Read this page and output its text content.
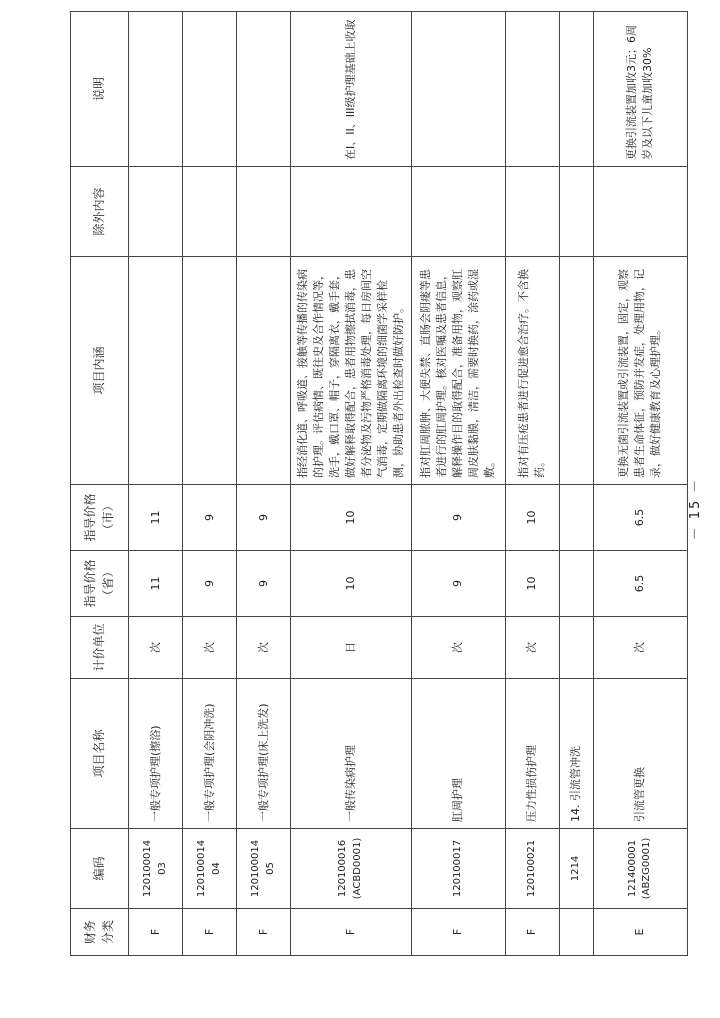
财务分类	编码	项目名称	计价单位	指导价格（省）	指导价格（市）	项目内涵	除外内容	说明
F	120100014 03	一般专项护理(擦浴)	次	11	11			
F	120100014 04	一般专项护理(会阴冲洗)	次	9	9			
F	120100014 05	一般专项护理(床上洗发)	次	9	9			
F	120100016 (ACBD0001)	一般传染病护理	日	10	10	指经消化道、呼吸道、接触等传播的传染病的护理。评估病情、既往史及合作情况等，洗手，戴口罩、帽子，穿隔离衣，戴手套，做好解释取得配合，患者用物擦拭消毒，患者分泌物及污物严格消毒处理，每日房间空气消毒，定期做隔离环境的细菌学采样检测，协助患者外出检查时做好防护。		在I、II、III级护理基础上收取
F	120100017	肛周护理	次	9	9	指对肛周脓肿、大便失禁、直肠会阴瘘等患者进行的肛周护理。核对医嘱及患者信息，解释操作目的取得配合，准备用物，观察肛周皮肤黏膜，清洁，需要时换药，涂药或湿敷。		
F	120100021	压力性损伤护理	次	10	10	指对有压疮患者进行促进愈合治疗。不含换药。		
	1214	14. 引流管冲洗						
E	121400001 (ABZG0001)	引流管更换	次	6.5	6.5	更换无菌引流装置或引流装置，固定，观察患者生命体征，预防并发症，处理用物，记录，做好健康教育及心理护理。		更换引流装置加收3元；6周岁及以下儿童加收30%
－ 15 －
